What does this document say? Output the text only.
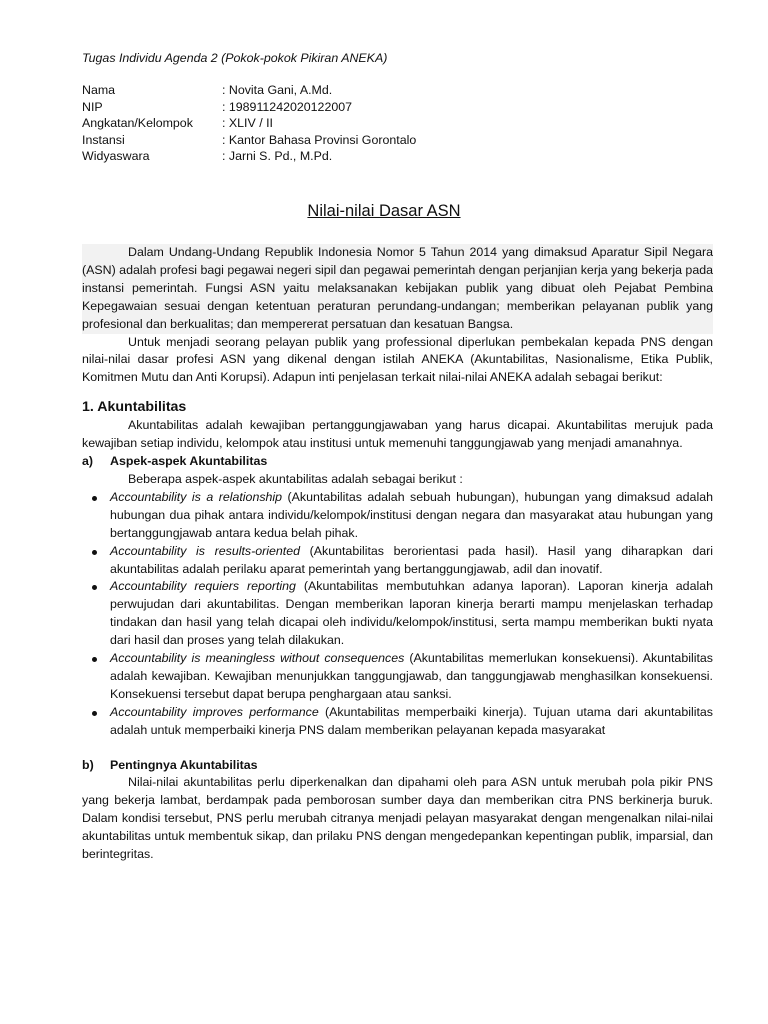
Tugas Individu Agenda 2 (Pokok-pokok Pikiran ANEKA)
Nama	: Novita Gani, A.Md.
NIP	: 198911242020122007
Angkatan/Kelompok	: XLIV / II
Instansi	: Kantor Bahasa Provinsi Gorontalo
Widyaswara	: Jarni S. Pd., M.Pd.
Nilai-nilai Dasar ASN

Dalam Undang-Undang Republik Indonesia Nomor 5 Tahun 2014 yang dimaksud Aparatur Sipil Negara (ASN) adalah profesi bagi pegawai negeri sipil dan pegawai pemerintah dengan perjanjian kerja yang bekerja pada instansi pemerintah. Fungsi ASN yaitu melaksanakan kebijakan publik yang dibuat oleh Pejabat Pembina Kepegawaian sesuai dengan ketentuan peraturan perundang-undangan; memberikan pelayanan publik yang profesional dan berkualitas; dan mempererat persatuan dan kesatuan Bangsa.

Untuk menjadi seorang pelayan publik yang professional diperlukan pembekalan kepada PNS dengan nilai-nilai dasar profesi ASN yang dikenal dengan istilah ANEKA (Akuntabilitas, Nasionalisme, Etika Publik, Komitmen Mutu dan Anti Korupsi). Adapun inti penjelasan terkait nilai-nilai ANEKA adalah sebagai berikut:

1. Akuntabilitas

Akuntabilitas adalah kewajiban pertanggungjawaban yang harus dicapai. Akuntabilitas merujuk pada kewajiban setiap individu, kelompok atau institusi untuk memenuhi tanggungjawab yang menjadi amanahnya.

a)	Aspek-aspek Akuntabilitas

Beberapa aspek-aspek akuntabilitas adalah sebagai berikut :

Accountability is a relationship (Akuntabilitas adalah sebuah hubungan), hubungan yang dimaksud adalah hubungan dua pihak antara individu/kelompok/institusi dengan negara dan masyarakat atau hubungan yang bertanggungjawab antara kedua belah pihak.
Accountability is results-oriented (Akuntabilitas berorientasi pada hasil). Hasil yang diharapkan dari akuntabilitas adalah perilaku aparat pemerintah yang bertanggungjawab, adil dan inovatif.
Accountability requiers reporting (Akuntabilitas membutuhkan adanya laporan). Laporan kinerja adalah perwujudan dari akuntabilitas. Dengan memberikan laporan kinerja berarti mampu menjelaskan terhadap tindakan dan hasil yang telah dicapai oleh individu/kelompok/institusi, serta mampu memberikan bukti nyata dari hasil dan proses yang telah dilakukan.
Accountability is meaningless without consequences (Akuntabilitas memerlukan konsekuensi). Akuntabilitas adalah kewajiban. Kewajiban menunjukkan tanggungjawab, dan tanggungjawab menghasilkan konsekuensi. Konsekuensi tersebut dapat berupa penghargaan atau sanksi.
Accountability improves performance (Akuntabilitas memperbaiki kinerja). Tujuan utama dari akuntabilitas adalah untuk memperbaiki kinerja PNS dalam memberikan pelayanan kepada masyarakat
b)	Pentingnya Akuntabilitas

Nilai-nilai akuntabilitas perlu diperkenalkan dan dipahami oleh para ASN untuk merubah pola pikir PNS yang bekerja lambat, berdampak pada pemborosan sumber daya dan memberikan citra PNS berkinerja buruk. Dalam kondisi tersebut, PNS perlu merubah citranya menjadi pelayan masyarakat dengan mengenalkan nilai-nilai akuntabilitas untuk membentuk sikap, dan prilaku PNS dengan mengedepankan kepentingan publik, imparsial, dan berintegritas.
